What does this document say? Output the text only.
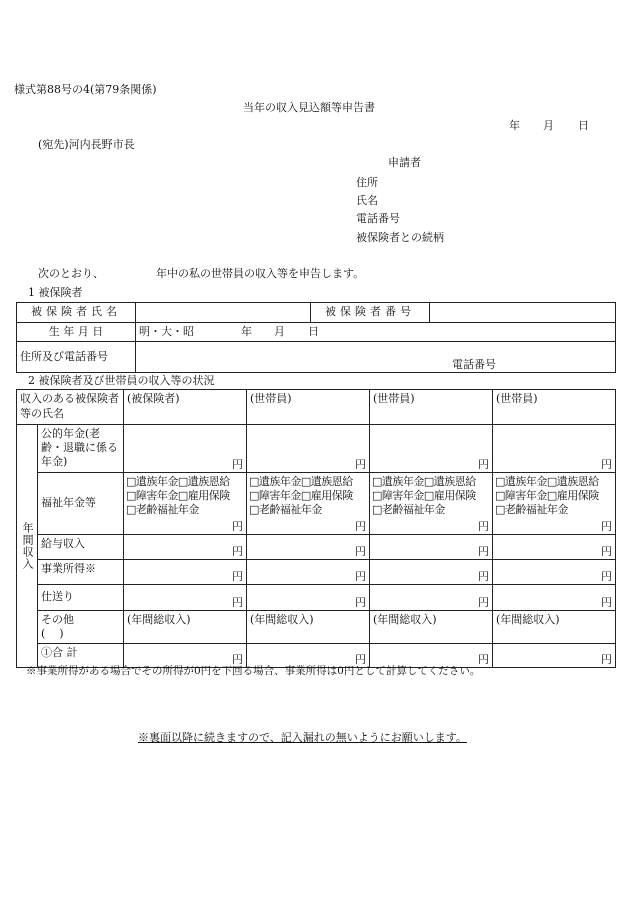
様式第88号の4(第79条関係)
当年の収入見込額等申告書
年 月 日
(宛先)河内長野市長
申請者
住所
氏名
電話番号
被保険者との続柄
次のとおり、	年中の私の世帯員の収入等を申告します。
1 被保険者
被保険者氏名		被保険者番号	
生 年 月 日	明・大・昭 年 月 日		

住所及び電話番号	電話番号		
2 被保険者及び世帯員の収入等の状況
収入のある被保険者等の氏名		(被保険者)	(世帯員)	(世帯員)	(世帯員)

年間収入	公的年金(老齢・退職に係る年金)	円	円	円	円

	福祉年金等	□遺族年金□遺族恩給
□障害年金□雇用保険
□老齢福祉年金
円	□遺族年金□遺族恩給
□障害年金□雇用保険
□老齢福祉年金
円	□遺族年金□遺族恩給
□障害年金□雇用保険
□老齢福祉年金
円	□遺族年金□遺族恩給
□障害年金□雇用保険
□老齢福祉年金
円

	給与収入	円	円	円	円

	事業所得※	円	円	円	円

	仕送り	円	円	円	円

	その他
(    )	(年間総収入)	(年間総収入)	(年間総収入)	(年間総収入)
	①合 計	円	円	円	円
※事業所得がある場合でその所得が0円を下回る場合、事業所得は0円として計算してください。
※裏面以降に続きますので、記入漏れの無いようにお願いします。
